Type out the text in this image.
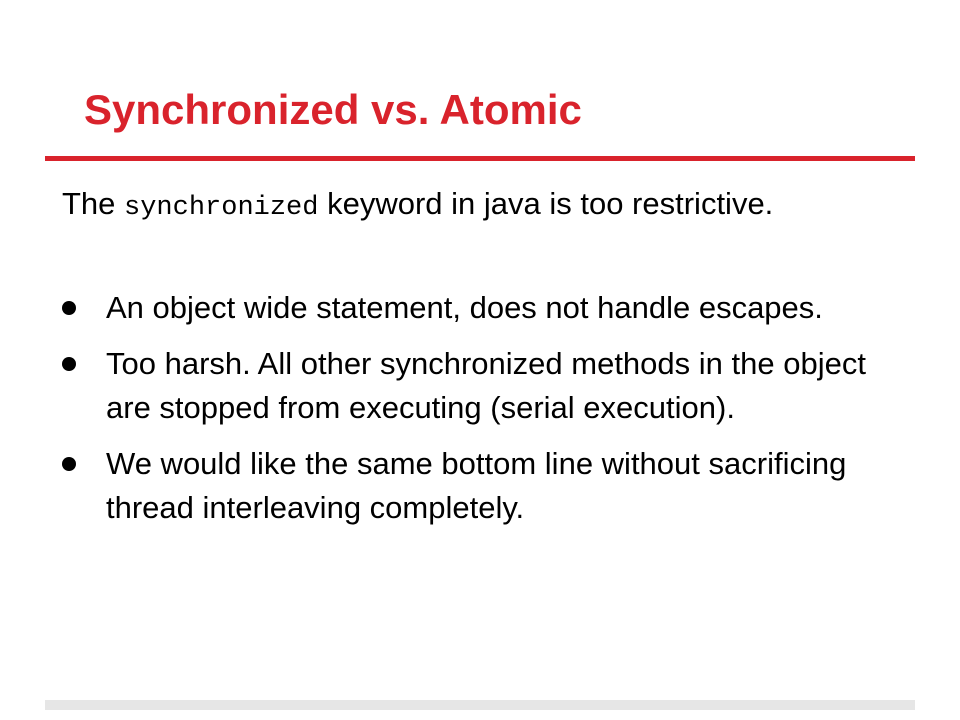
Synchronized vs. Atomic
The synchronized keyword in java is too restrictive.
An object wide statement, does not handle escapes.
Too harsh. All other synchronized methods in the object are stopped from executing (serial execution).
We would like the same bottom line without sacrificing thread interleaving completely.
